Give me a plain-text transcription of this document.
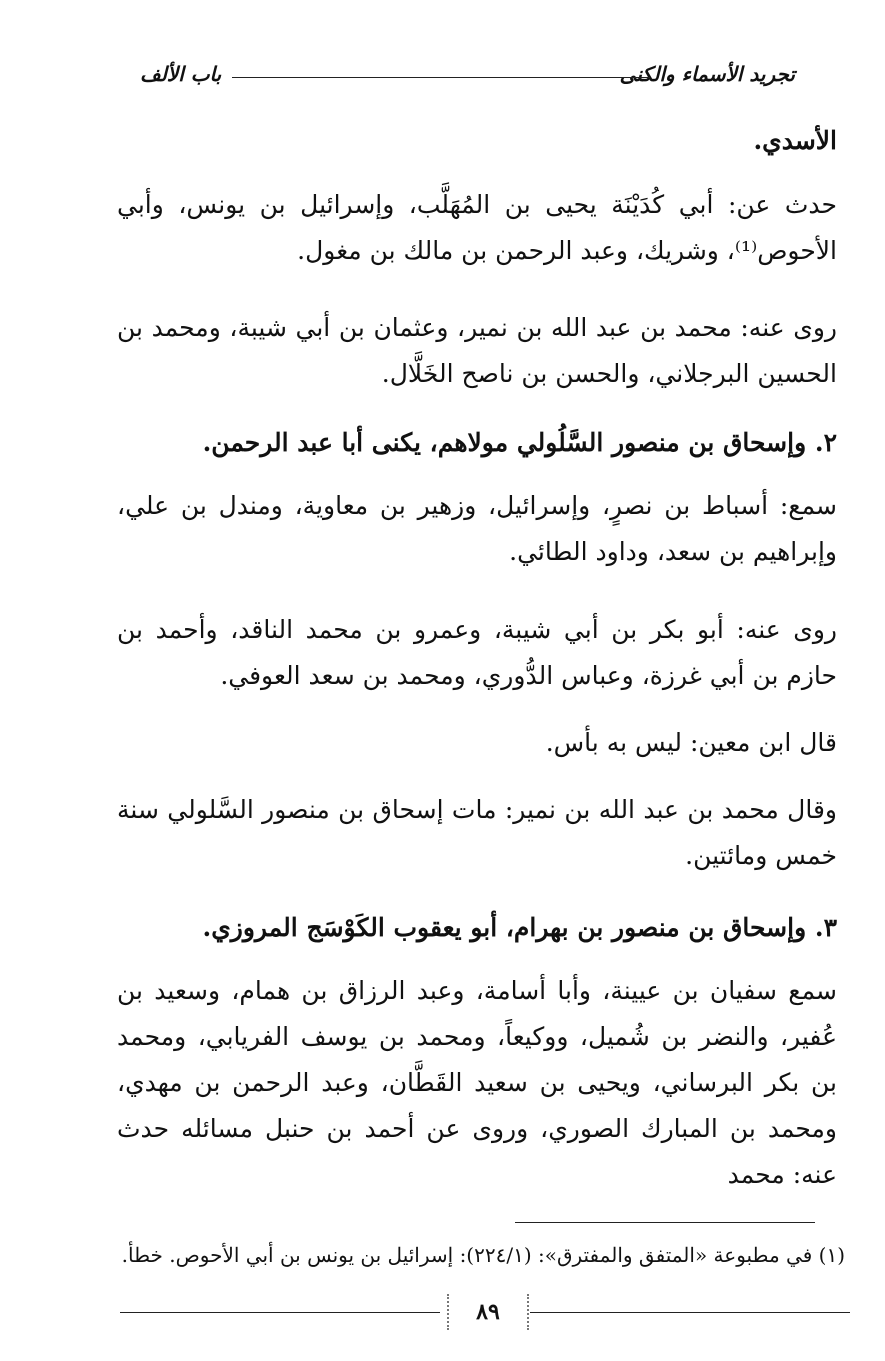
تجريد الأسماء والكنى
باب الألف
الأسدي.
حدث عن: أبي كُدَيْنَة يحيى بن المُهَلَّب، وإسرائيل بن يونس، وأبي الأحوص⁽¹⁾، وشريك، وعبد الرحمن بن مالك بن مغول.
روى عنه: محمد بن عبد الله بن نمير، وعثمان بن أبي شيبة، ومحمد بن الحسين البرجلاني، والحسن بن ناصح الخَلَّال.
٢. وإسحاق بن منصور السَّلُولي مولاهم، يكنى أبا عبد الرحمن.
سمع: أسباط بن نصرٍ، وإسرائيل، وزهير بن معاوية، ومندل بن علي، وإبراهيم بن سعد، وداود الطائي.
روى عنه: أبو بكر بن أبي شيبة، وعمرو بن محمد الناقد، وأحمد بن حازم بن أبي غرزة، وعباس الدُّوري، ومحمد بن سعد العوفي.
قال ابن معين: ليس به بأس.
وقال محمد بن عبد الله بن نمير: مات إسحاق بن منصور السَّلولي سنة خمس ومائتين.
٣. وإسحاق بن منصور بن بهرام، أبو يعقوب الكَوْسَج المروزي.
سمع سفيان بن عيينة، وأبا أسامة، وعبد الرزاق بن همام، وسعيد بن عُفير، والنضر بن شُميل، ووكيعاً، ومحمد بن يوسف الفريابي، ومحمد بن بكر البرساني، ويحيى بن سعيد القَطَّان، وعبد الرحمن بن مهدي، ومحمد بن المبارك الصوري، وروى عن أحمد بن حنبل مسائله حدث عنه: محمد
(١) في مطبوعة «المتفق والمفترق»: (٢٢٤/١): إسرائيل بن يونس بن أبي الأحوص. خطأ.
٨٩
